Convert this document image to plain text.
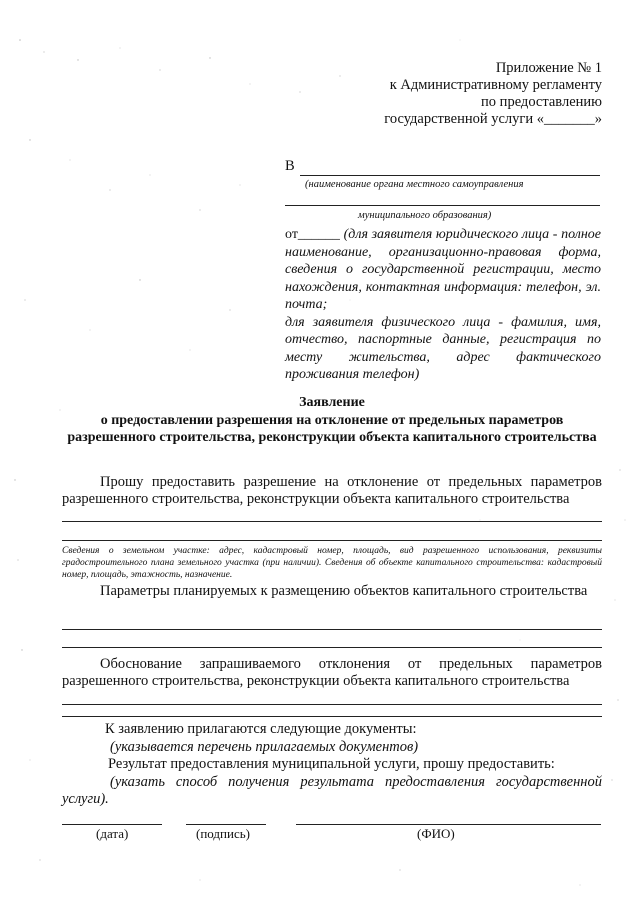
Приложение № 1
к Административному регламенту
по предоставлению
государственной услуги «_______»
В
(наименование органа местного самоуправления
муниципального образования)
от______ (для заявителя юридического лица - полное наименование, организационно-правовая форма, сведения о государственной регистрации, место нахождения, контактная информация: телефон, эл. почта;
для заявителя физического лица - фамилия, имя, отчество, паспортные данные, регистрация по месту жительства, адрес фактического проживания телефон)
Заявление
о предоставлении разрешения на отклонение от предельных параметров разрешенного строительства, реконструкции объекта капитального строительства
Прошу предоставить разрешение на отклонение от предельных параметров разрешенного строительства, реконструкции объекта капитального строительства
Сведения о земельном участке: адрес, кадастровый номер, площадь, вид разрешенного использования, реквизиты градостроительного плана земельного участка (при наличии). Сведения об объекте капитального строительства: кадастровый номер, площадь, этажность, назначение.
Параметры планируемых к размещению объектов капитального строительства
Обоснование запрашиваемого отклонения от предельных параметров разрешенного строительства, реконструкции объекта капитального строительства
К заявлению прилагаются следующие документы:
(указывается перечень прилагаемых документов)
Результат предоставления муниципальной услуги, прошу предоставить:
(указать способ получения результата предоставления государственной услуги).
(дата)	(подпись)	(ФИО)
